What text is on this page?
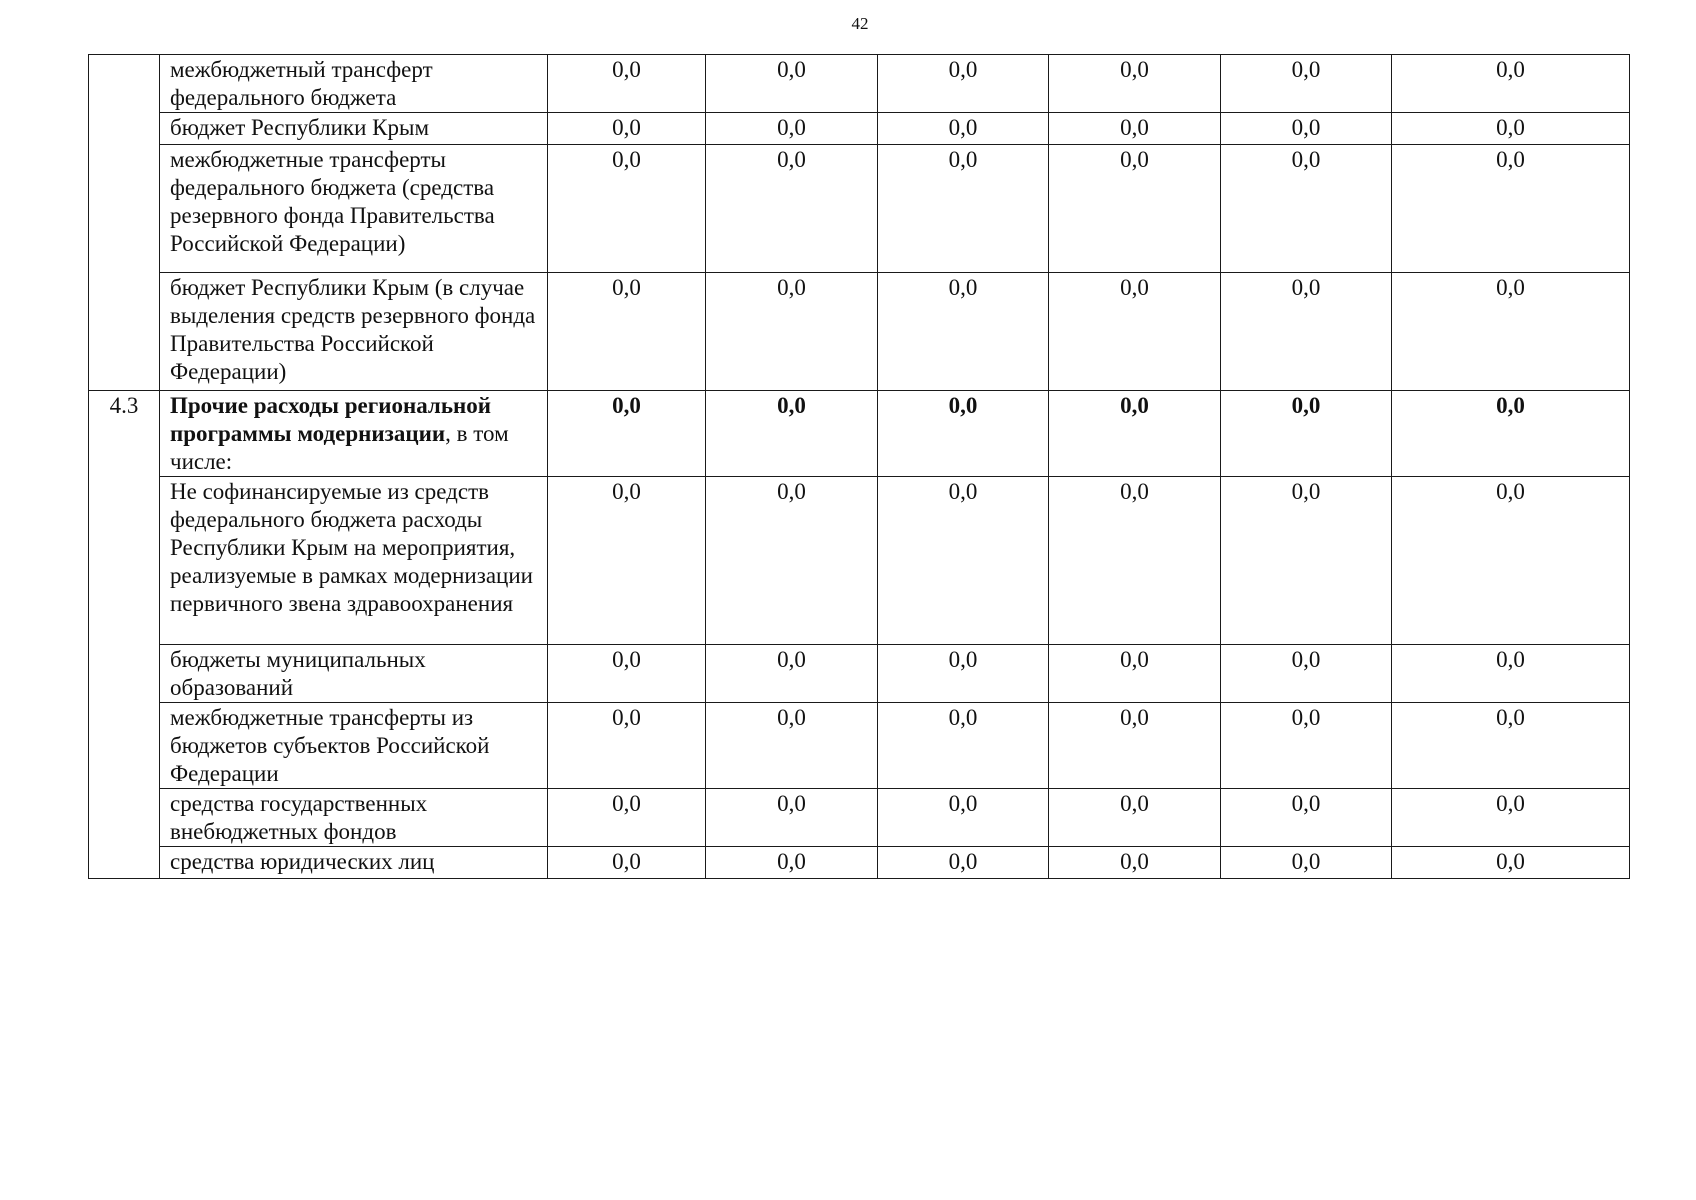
42
	межбюджетный трансферт федерального бюджета	0,0	0,0	0,0	0,0	0,0	0,0
	бюджет Республики Крым	0,0	0,0	0,0	0,0	0,0	0,0
	межбюджетные трансферты федерального бюджета (средства резервного фонда Правительства Российской Федерации)	0,0	0,0	0,0	0,0	0,0	0,0
	бюджет Республики Крым (в случае выделения средств резервного фонда Правительства Российской Федерации)	0,0	0,0	0,0	0,0	0,0	0,0
4.3	Прочие расходы региональной программы модернизации, в том числе:	0,0	0,0	0,0	0,0	0,0	0,0
	Не софинансируемые из средств федерального бюджета расходы Республики Крым на мероприятия, реализуемые в рамках модернизации первичного звена здравоохранения	0,0	0,0	0,0	0,0	0,0	0,0
	бюджеты муниципальных образований	0,0	0,0	0,0	0,0	0,0	0,0
	межбюджетные трансферты из бюджетов субъектов Российской Федерации	0,0	0,0	0,0	0,0	0,0	0,0
	средства государственных внебюджетных фондов	0,0	0,0	0,0	0,0	0,0	0,0
	средства юридических лиц	0,0	0,0	0,0	0,0	0,0	0,0
